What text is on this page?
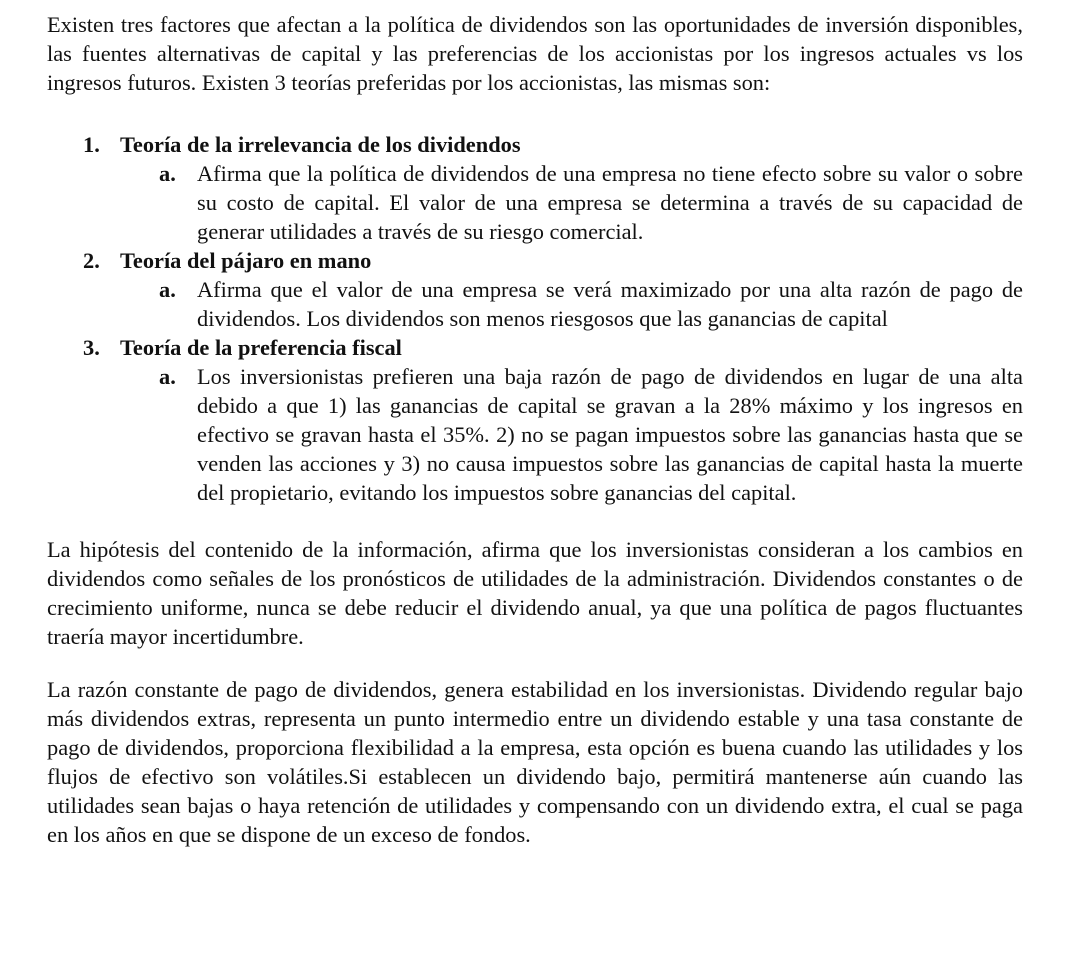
Existen tres factores que afectan a la política de dividendos son las oportunidades de inversión disponibles, las fuentes alternativas de capital y las preferencias de los accionistas por los ingresos actuales vs los ingresos futuros. Existen 3 teorías preferidas por los accionistas, las mismas son:

1. Teoría de la irrelevancia de los dividendos
a. Afirma que la política de dividendos de una empresa no tiene efecto sobre su valor o sobre su costo de capital. El valor de una empresa se determina a través de su capacidad de generar utilidades a través de su riesgo comercial.
2. Teoría del pájaro en mano
a. Afirma que el valor de una empresa se verá maximizado por una alta razón de pago de dividendos. Los dividendos son menos riesgosos que las ganancias de capital
3. Teoría de la preferencia fiscal
a. Los inversionistas prefieren una baja razón de pago de dividendos en lugar de una alta debido a que 1) las ganancias de capital se gravan a la 28% máximo y los ingresos en efectivo se gravan hasta el 35%. 2) no se pagan impuestos sobre las ganancias hasta que se venden las acciones y 3) no causa impuestos sobre las ganancias de capital hasta la muerte del propietario, evitando los impuestos sobre ganancias del capital.

La hipótesis del contenido de la información, afirma que los inversionistas consideran a los cambios en dividendos como señales de los pronósticos de utilidades de la administración. Dividendos constantes o de crecimiento uniforme, nunca se debe reducir el dividendo anual, ya que una política de pagos fluctuantes traería mayor incertidumbre.

La razón constante de pago de dividendos, genera estabilidad en los inversionistas. Dividendo regular bajo más dividendos extras, representa un punto intermedio entre un dividendo estable y una tasa constante de pago de dividendos, proporciona flexibilidad a la empresa, esta opción es buena cuando las utilidades y los flujos de efectivo son volátiles.Si establecen un dividendo bajo, permitirá mantenerse aún cuando las utilidades sean bajas o haya retención de utilidades y compensando con un dividendo extra, el cual se paga en los años en que se dispone de un exceso de fondos.
